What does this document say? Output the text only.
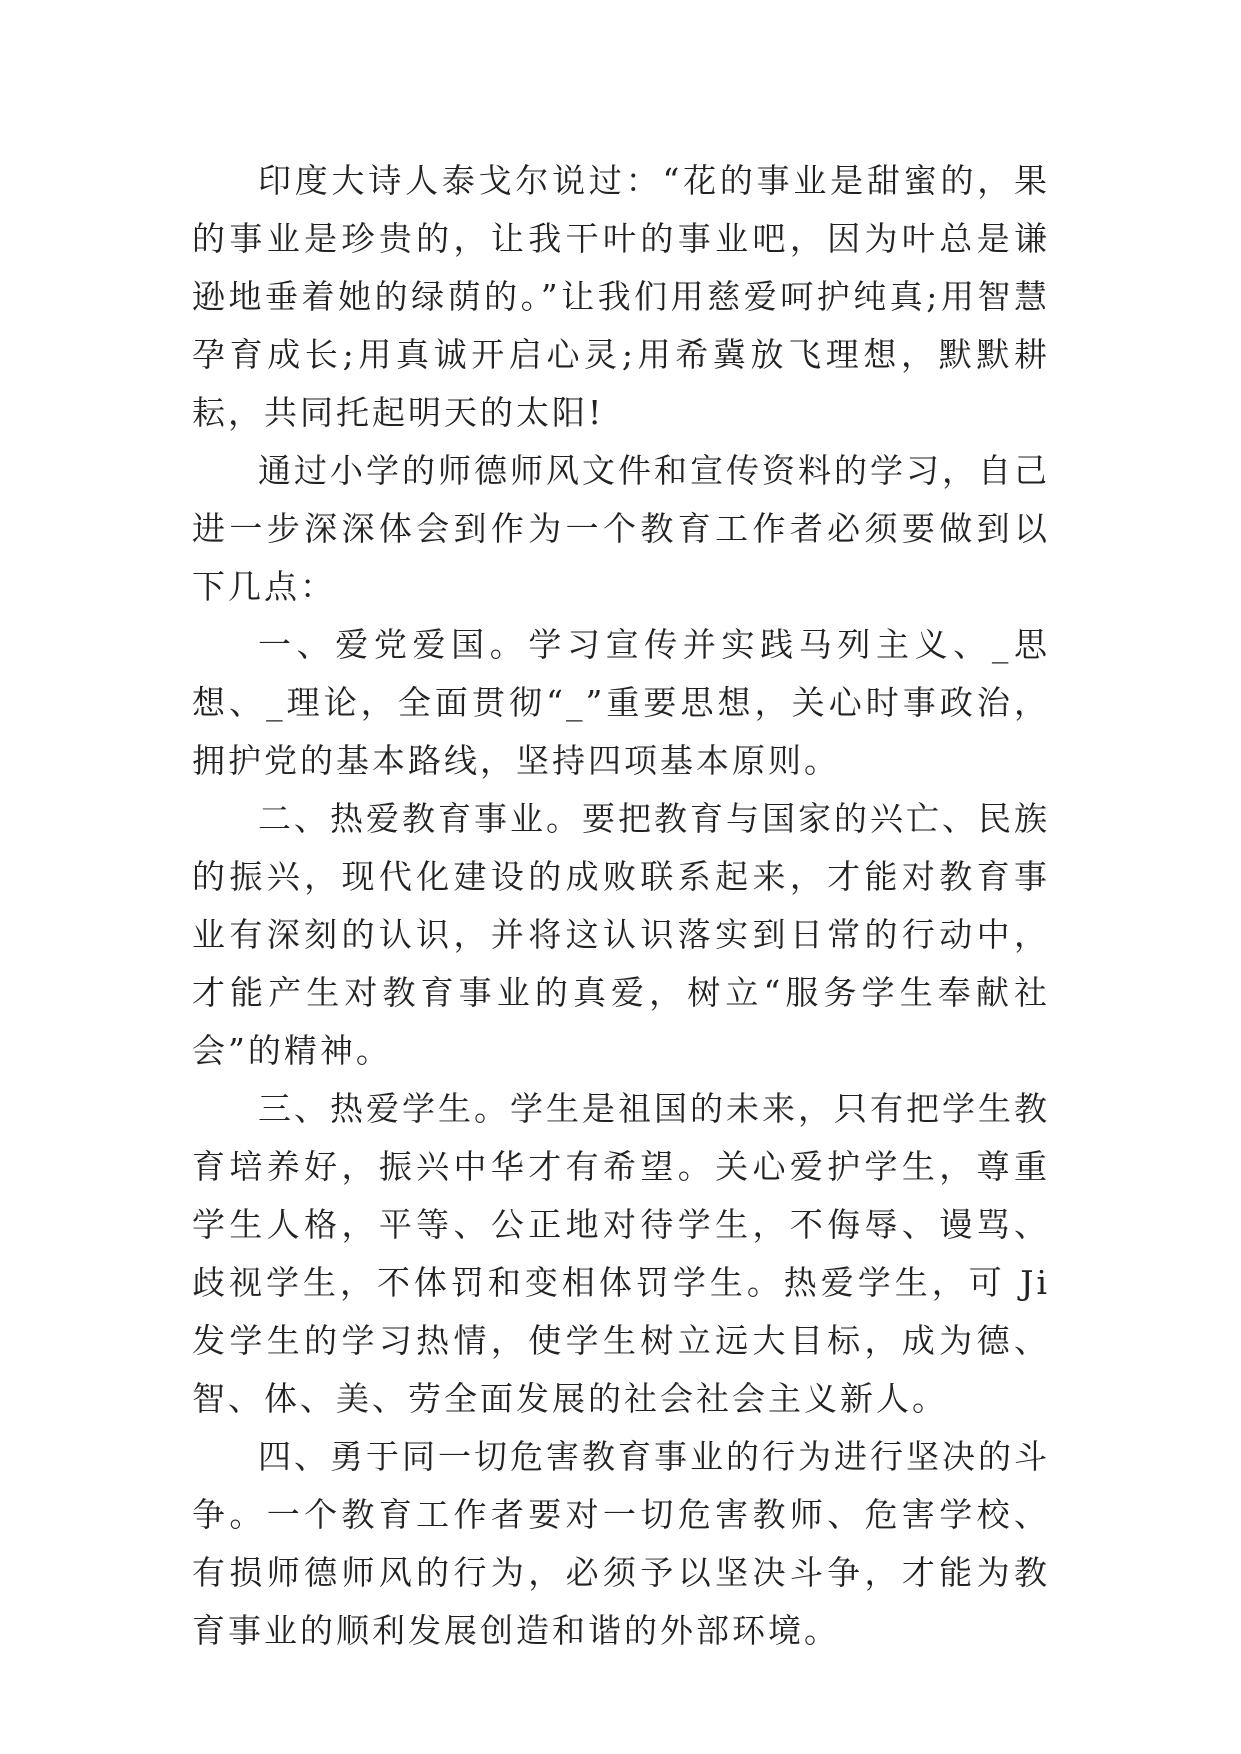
印度大诗人泰戈尔说过：“花的事业是甜蜜的，果的事业是珍贵的，让我干叶的事业吧，因为叶总是谦逊地垂着她的绿荫的。”让我们用慈爱呵护纯真;用智慧孕育成长;用真诚开启心灵;用希冀放飞理想，默默耕耘，共同托起明天的太阳!

通过小学的师德师风文件和宣传资料的学习，自己进一步深深体会到作为一个教育工作者必须要做到以下几点：

一、爱党爱国。学习宣传并实践马列主义、_思想、_理论，全面贯彻“_”重要思想，关心时事政治，拥护党的基本路线，坚持四项基本原则。

二、热爱教育事业。要把教育与国家的兴亡、民族的振兴，现代化建设的成败联系起来，才能对教育事业有深刻的认识，并将这认识落实到日常的行动中，才能产生对教育事业的真爱，树立“服务学生奉献社会”的精神。

三、热爱学生。学生是祖国的未来，只有把学生教育培养好，振兴中华才有希望。关心爱护学生，尊重学生人格，平等、公正地对待学生，不侮辱、谩骂、歧视学生，不体罚和变相体罚学生。热爱学生，可 Ji 发学生的学习热情，使学生树立远大目标，成为德、智、体、美、劳全面发展的社会社会主义新人。

四、勇于同一切危害教育事业的行为进行坚决的斗争。一个教育工作者要对一切危害教师、危害学校、有损师德师风的行为，必须予以坚决斗争，才能为教育事业的顺利发展创造和谐的外部环境。
